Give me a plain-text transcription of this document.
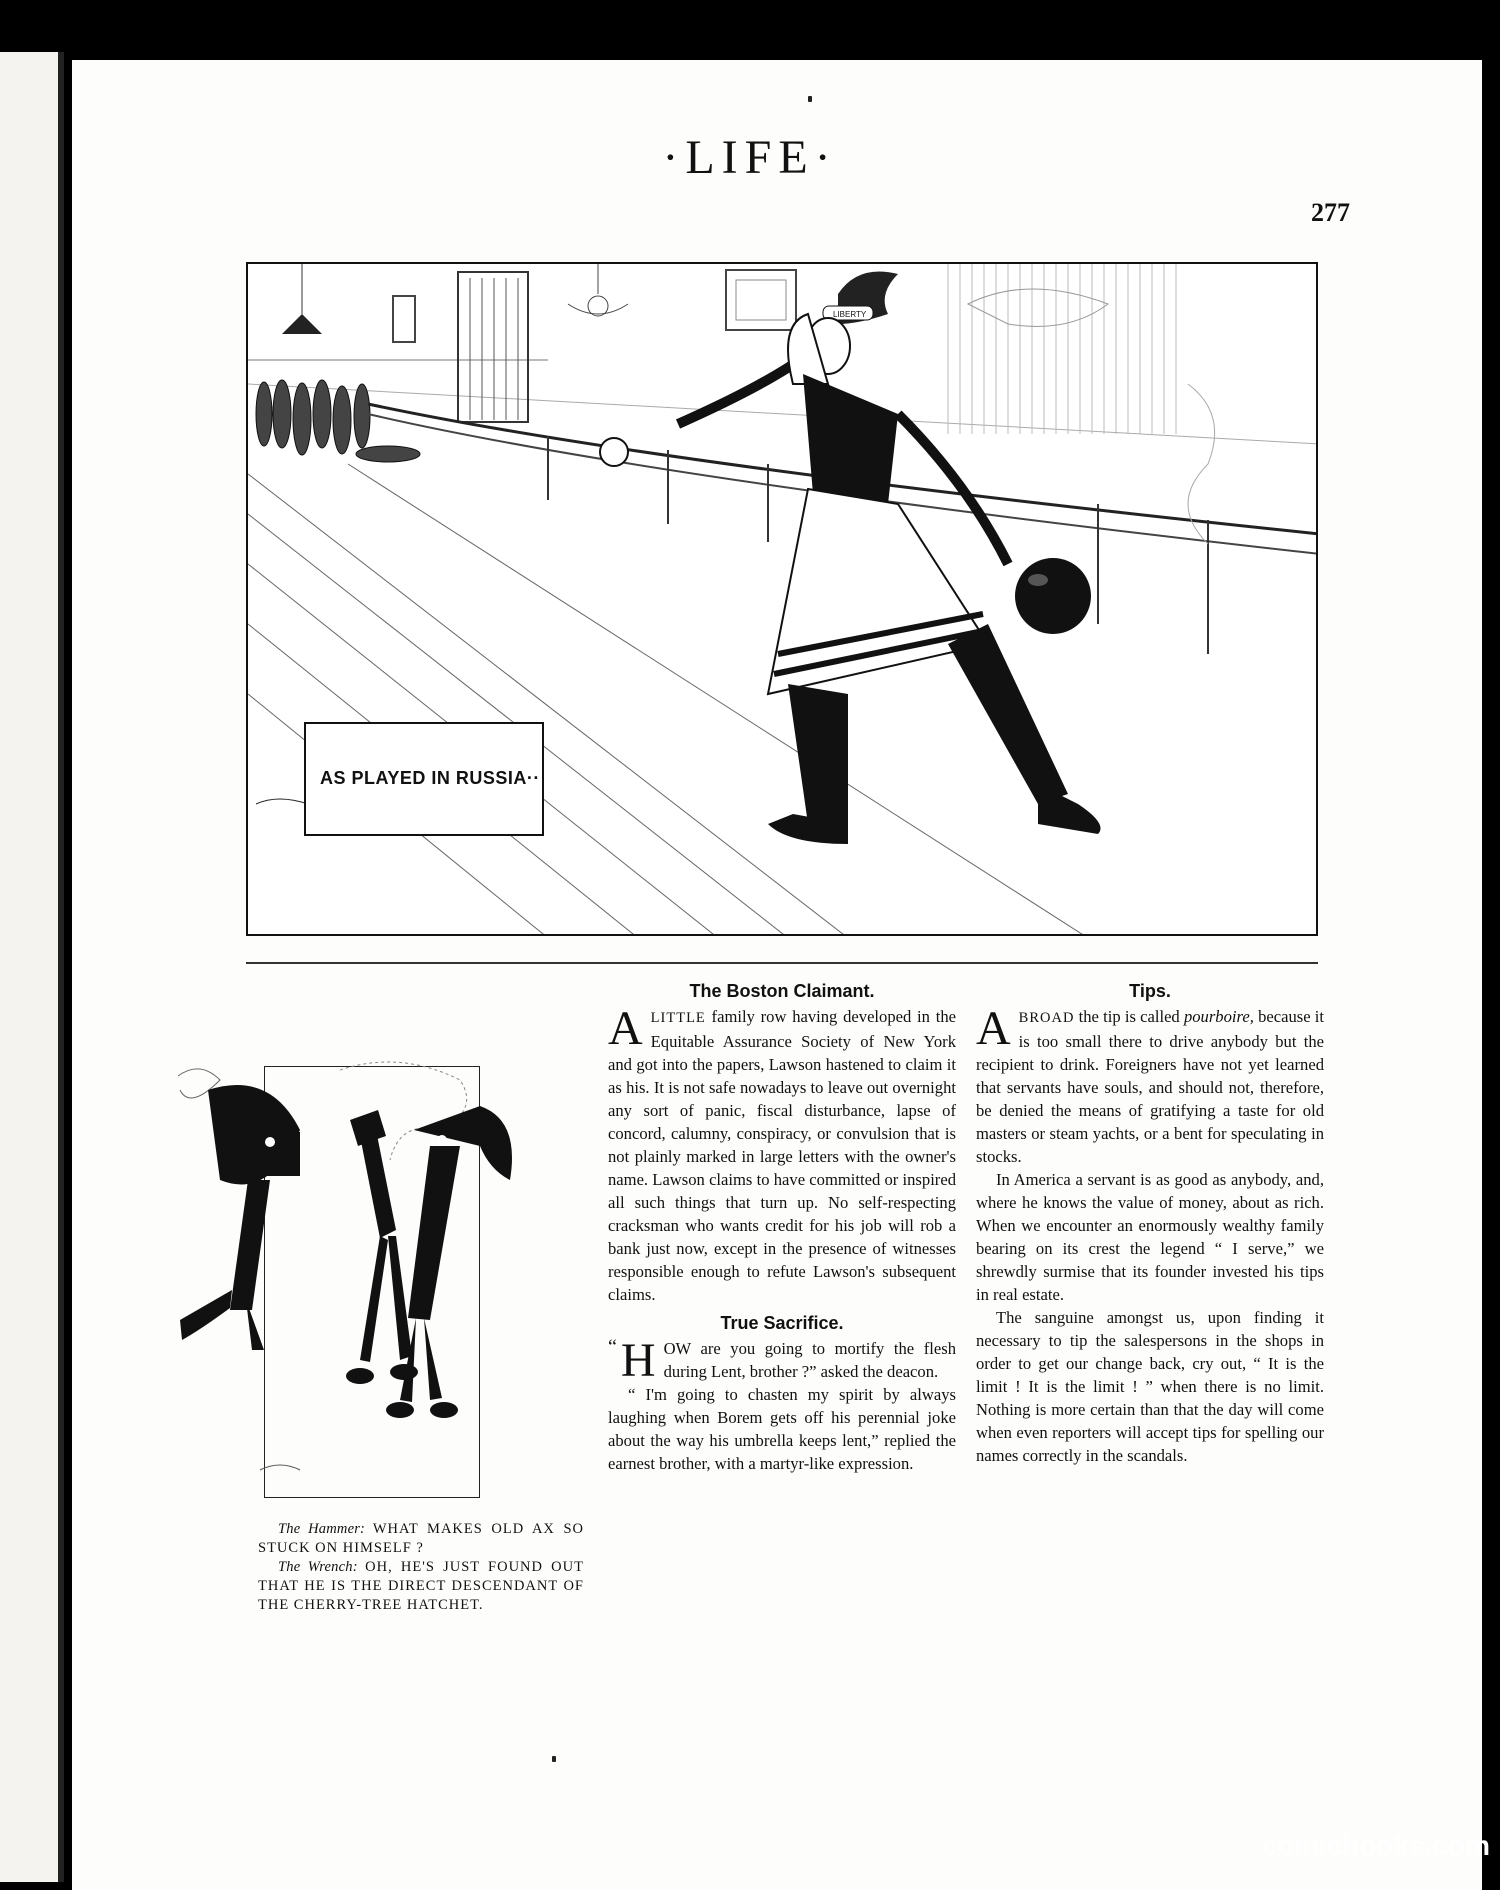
·LIFE·
277
LIBERTY
AS PLAYED IN RUSSIA··

The Hammer: WHAT MAKES OLD AX SO STUCK ON HIMSELF ?

The Wrench: OH, HE'S JUST FOUND OUT THAT HE IS THE DIRECT DESCENDANT OF THE CHERRY-TREE HATCHET.

The Boston Claimant.

ALITTLE family row having developed in the Equitable Assurance Society of New York and got into the papers, Lawson hastened to claim it as his. It is not safe nowadays to leave out overnight any sort of panic, fiscal disturbance, lapse of concord, calumny, conspiracy, or convulsion that is not plainly marked in large letters with the owner's name. Lawson claims to have committed or inspired all such things that turn up. No self-respecting cracksman who wants credit for his job will rob a bank just now, except in the presence of witnesses responsible enough to refute Lawson's subsequent claims.

True Sacrifice.

“ H OW are you going to mortify the flesh during Lent, brother ?” asked the deacon.

“ I'm going to chasten my spirit by always laughing when Borem gets off his perennial joke about the way his umbrella keeps lent,” replied the earnest brother, with a martyr-like expression.

Tips.

ABROAD the tip is called pourboire, because it is too small there to drive anybody but the recipient to drink. Foreigners have not yet learned that servants have souls, and should not, therefore, be denied the means of gratifying a taste for old masters or steam yachts, or a bent for speculating in stocks.

In America a servant is as good as anybody, and, where he knows the value of money, about as rich. When we encounter an enormously wealthy family bearing on its crest the legend “ I serve,” we shrewdly surmise that its founder invested his tips in real estate.

The sanguine amongst us, upon finding it necessary to tip the salespersons in the shops in order to get our change back, cry out, “ It is the limit ! It is the limit ! ” when there is no limit. Nothing is more certain than that the day will come when even reporters will accept tips for spelling our names correctly in the scandals.

comicbooks.com
